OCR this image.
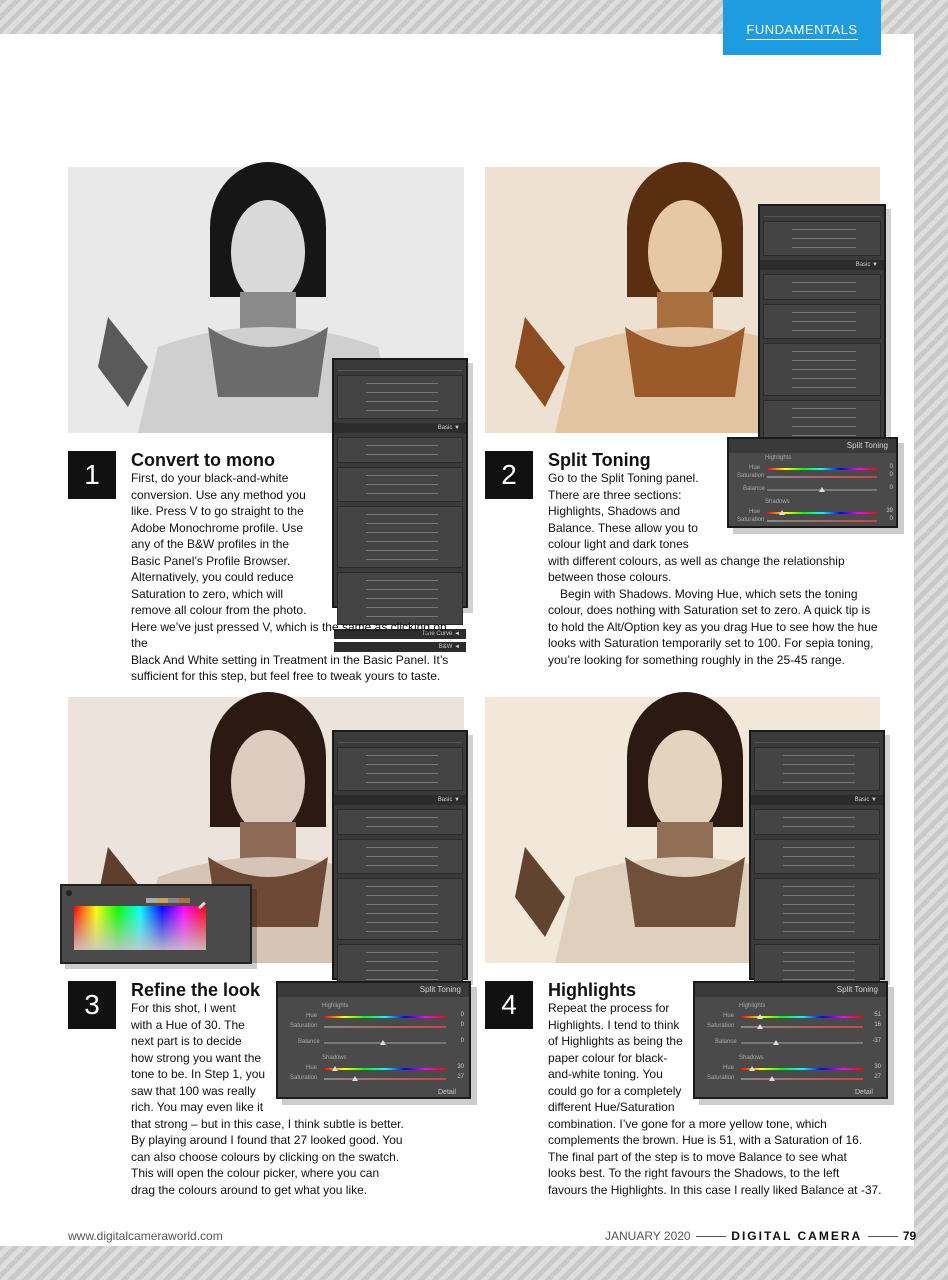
FUNDAMENTALS
Basic ▼
Tone Curve ◄
B&W ◄
1	Convert to mono

First, do your black-and-white
conversion. Use any method you
like. Press V to go straight to the
Adobe Monochrome profile. Use
any of the B&W profiles in the
Basic Panel’s Profile Browser.
Alternatively, you could reduce
Saturation to zero, which will
remove all colour from the photo.
Here we’ve just pressed V, which is the same as clicking on the
Black And White setting in Treatment in the Basic Panel. It’s
sufficient for this step, but feel free to tweak yours to taste.

Basic ▼
Split Toning
Highlights
Hue	0
Saturation	0
Balance	0
Shadows
Hue	39
Saturation	0
2	Split Toning

Go to the Split Toning panel.
There are three sections:
Highlights, Shadows and
Balance. These allow you to
colour light and dark tones
with different colours, as well as change the relationship
between those colours.

Begin with Shadows. Moving Hue, which sets the toning
colour, does nothing with Saturation set to zero. A quick tip is
to hold the Alt/Option key as you drag Hue to see how the hue
looks with Saturation temporarily set to 100. For sepia toning,
you’re looking for something roughly in the 25-45 range.

Basic ▼
Split Toning
Highlights
Hue	0
Saturation	0
Balance	0
Shadows
Hue	30
Saturation	27
Detail
3	Refine the look

For this shot, I went
with a Hue of 30. The
next part is to decide
how strong you want the
tone to be. In Step 1, you
saw that 100 was really
rich. You may even like it
that strong – but in this case, I think subtle is better.
By playing around I found that 27 looked good. You
can also choose colours by clicking on the swatch.
This will open the colour picker, where you can
drag the colours around to get what you like.

Basic ▼
Split Toning
Highlights
Hue	51
Saturation	16
Balance	-37
Shadows
Hue	30
Saturation	27
Detail
4	Highlights

Repeat the process for
Highlights. I tend to think
of Highlights as being the
paper colour for black-
and-white toning. You
could go for a completely
different Hue/Saturation
combination. I’ve gone for a more yellow tone, which
complements the brown. Hue is 51, with a Saturation of 16.
The final part of the step is to move Balance to see what
looks best. To the right favours the Shadows, to the left
favours the Highlights. In this case I really liked Balance at -37.

www.digitalcameraworld.com	JANUARY 2020	DIGITAL CAMERA	79
